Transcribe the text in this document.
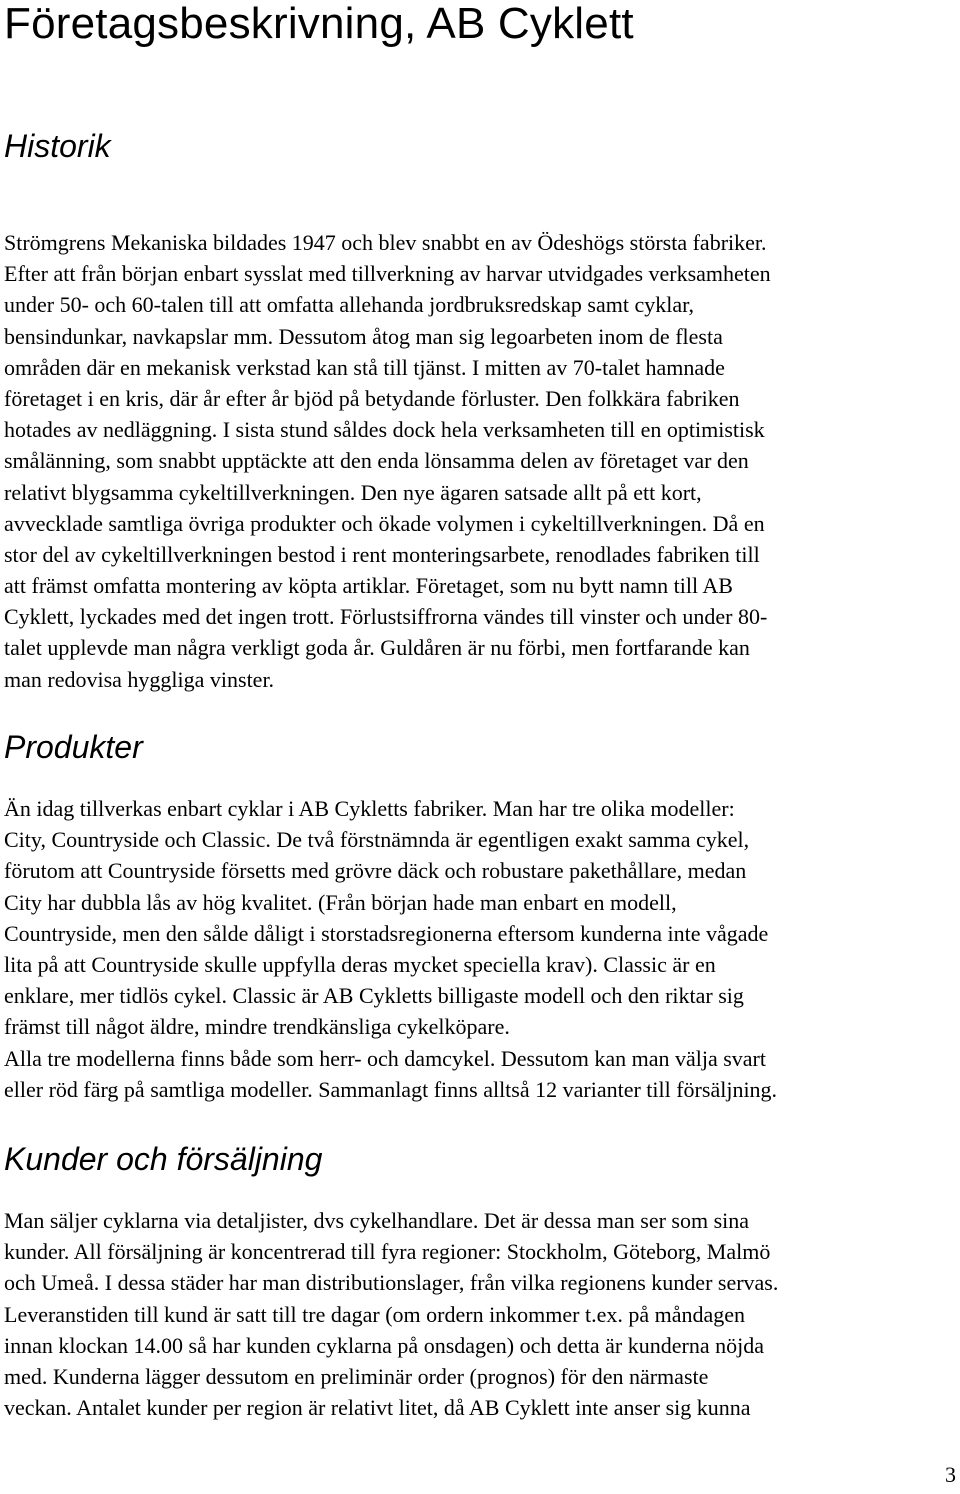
Företagsbeskrivning, AB Cyklett
Historik
Strömgrens Mekaniska bildades 1947 och blev snabbt en av Ödeshögs största fabriker.
Efter att från början enbart sysslat med tillverkning av harvar utvidgades verksamheten
under 50- och 60-talen till att omfatta allehanda jordbruksredskap samt cyklar,
bensindunkar, navkapslar mm. Dessutom åtog man sig legoarbeten inom de flesta
områden där en mekanisk verkstad kan stå till tjänst. I mitten av 70-talet hamnade
företaget i en kris, där år efter år bjöd på betydande förluster. Den folkkära fabriken
hotades av nedläggning. I sista stund såldes dock hela verksamheten till en optimistisk
smålänning, som snabbt upptäckte att den enda lönsamma delen av företaget var den
relativt blygsamma cykeltillverkningen. Den nye ägaren satsade allt på ett kort,
avvecklade samtliga övriga produkter och ökade volymen i cykeltillverkningen. Då en
stor del av cykeltillverkningen bestod i rent monteringsarbete, renodlades fabriken till
att främst omfatta montering av köpta artiklar. Företaget, som nu bytt namn till AB
Cyklett, lyckades med det ingen trott. Förlustsiffrorna vändes till vinster och under 80-
talet upplevde man några verkligt goda år. Guldåren är nu förbi, men fortfarande kan
man redovisa hyggliga vinster.
Produkter
Än idag tillverkas enbart cyklar i AB Cykletts fabriker. Man har tre olika modeller:
City, Countryside och Classic. De två förstnämnda är egentligen exakt samma cykel,
förutom att Countryside försetts med grövre däck och robustare pakethållare, medan
City har dubbla lås av hög kvalitet. (Från början hade man enbart en modell,
Countryside, men den sålde dåligt i storstadsregionerna eftersom kunderna inte vågade
lita på att Countryside skulle uppfylla deras mycket speciella krav). Classic är en
enklare, mer tidlös cykel. Classic är AB Cykletts billigaste modell och den riktar sig
främst till något äldre, mindre trendkänsliga cykelköpare.
Alla tre modellerna finns både som herr- och damcykel. Dessutom kan man välja svart
eller röd färg på samtliga modeller. Sammanlagt finns alltså 12 varianter till försäljning.
Kunder och försäljning
Man säljer cyklarna via detaljister, dvs cykelhandlare. Det är dessa man ser som sina
kunder. All försäljning är koncentrerad till fyra regioner: Stockholm, Göteborg, Malmö
och Umeå. I dessa städer har man distributionslager, från vilka regionens kunder servas.
Leveranstiden till kund är satt till tre dagar (om ordern inkommer t.ex. på måndagen
innan klockan 14.00 så har kunden cyklarna på onsdagen) och detta är kunderna nöjda
med. Kunderna lägger dessutom en preliminär order (prognos) för den närmaste
veckan. Antalet kunder per region är relativt litet, då AB Cyklett inte anser sig kunna
3
